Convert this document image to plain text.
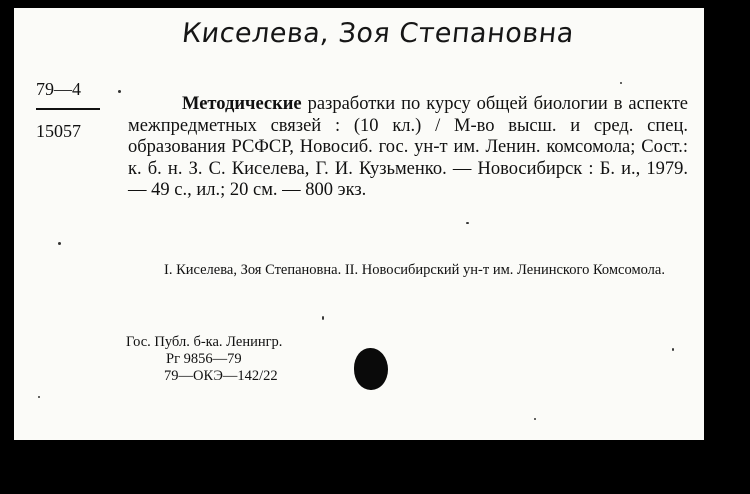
Киселева, Зоя Степановна
79—4
15057
Методические разработки по курсу общей биологии в аспекте межпредметных связей : (10 кл.) / М-во высш. и сред. спец. образования РСФСР, Новосиб. гос. ун-т им. Ленин. комсомола; Сост.: к. б. н. З. С. Киселева, Г. И. Кузьменко. — Новосибирск : Б. и., 1979. — 49 с., ил.; 20 см. — 800 экз.
I. Киселева, Зоя Степановна. II. Новосибирский ун-т им. Ленинского Комсомола.
Гос. Публ. б-ка. Ленингр.
Рг 9856—79
79—ОКЭ—142/22
